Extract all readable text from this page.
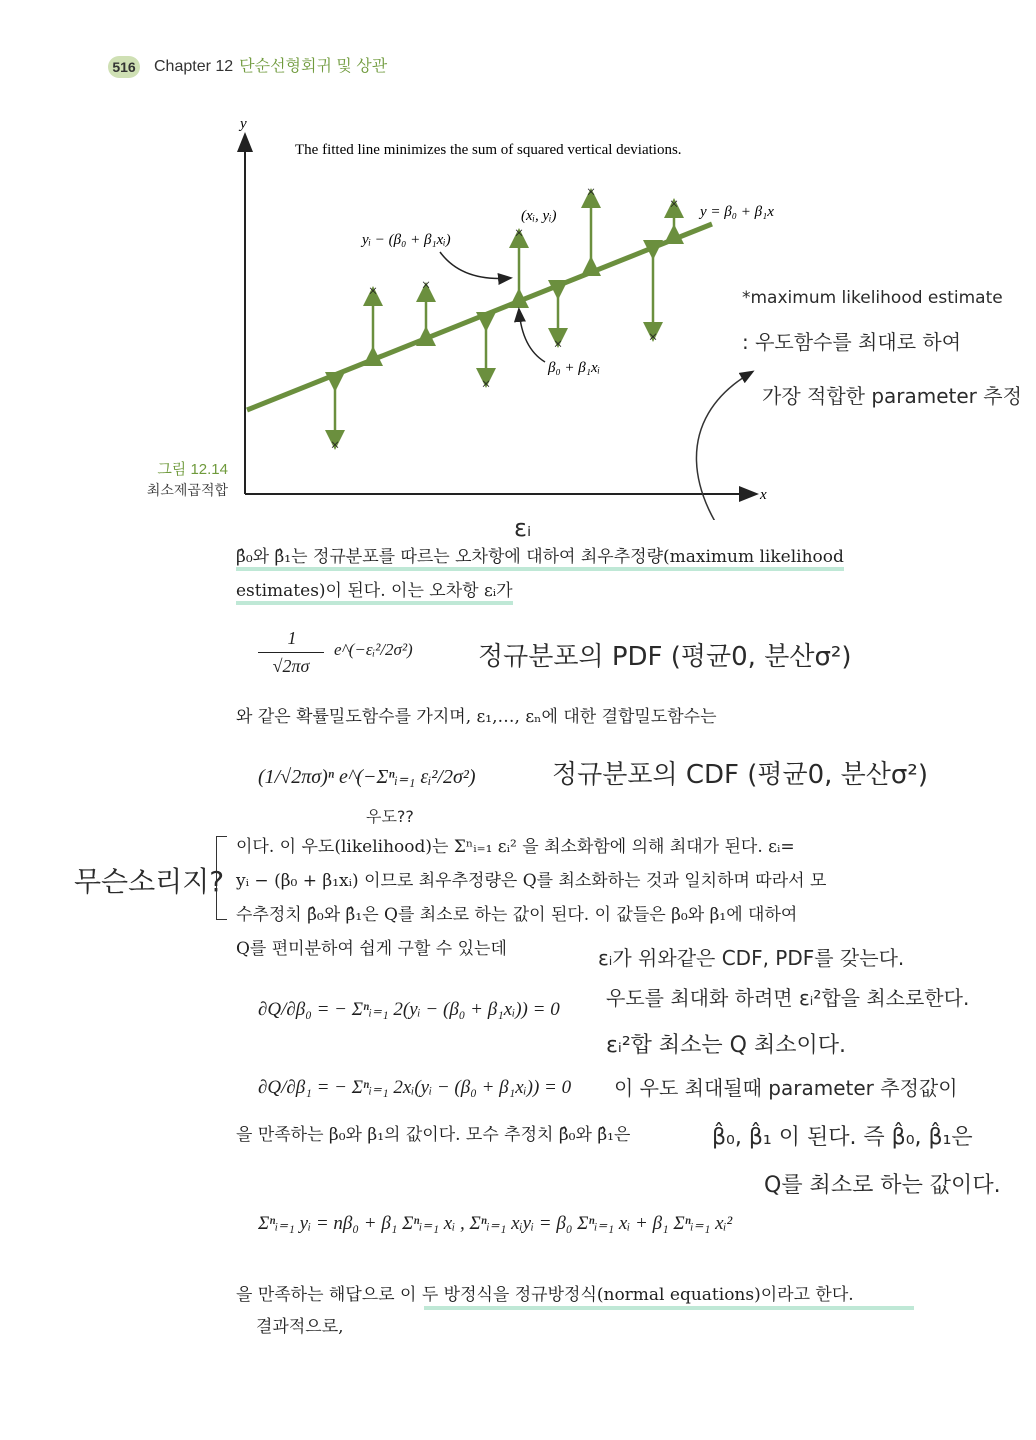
516 Chapter 12 단순선형회귀 및 상관
y
x
The fitted line minimizes the sum of squared vertical deviations.
×
×	×
×
×
×
×
×
×
(xᵢ, yᵢ)
yᵢ − (β₀ + β₁xᵢ)
y = β₀ + β₁x
β₀ + β₁xᵢ
그림 12.14
최소제곱적합
*maximum likelihood estimate
: 우도함수를 최대로 하여
가장 적합한 parameter 추정
εᵢ
β̂₀와 β̂₁는 정규분포를 따르는 오차항에 대하여 최우추정량(maximum likelihood
estimates)이 된다. 이는 오차항 εᵢ가
1
√2πσ
e^(−εᵢ²/2σ²)	정규분포의 PDF (평균0, 분산σ²)
와 같은 확률밀도함수를 가지며, ε₁,…, εₙ에 대한 결합밀도함수는
(1/√2πσ)ⁿ e^(−Σⁿᵢ₌₁ εᵢ²/2σ²)	정규분포의 CDF (평균0, 분산σ²)
우도??
무슨소리지?
이다. 이 우도(likelihood)는 Σⁿᵢ₌₁ εᵢ² 을 최소화함에 의해 최대가 된다. εᵢ=
yᵢ − (β₀ + β₁xᵢ) 이므로 최우추정량은 Q를 최소화하는 것과 일치하며 따라서 모
수추정치 β̂₀와 β̂₁은 Q를 최소로 하는 값이 된다. 이 값들은 β₀와 β₁에 대하여
Q를 편미분하여 쉽게 구할 수 있는데
∂Q/∂β₀ = − Σⁿᵢ₌₁ 2(yᵢ − (β₀ + β₁xᵢ)) = 0
∂Q/∂β₁ = − Σⁿᵢ₌₁ 2xᵢ(yᵢ − (β₀ + β₁xᵢ)) = 0
εᵢ가 위와같은 CDF, PDF를 갖는다.
우도를 최대화 하려면 εᵢ²합을 최소로한다.
εᵢ²합 최소는 Q 최소이다.
이 우도 최대될때 parameter 추정값이
β̂₀, β̂₁ 이 된다. 즉 β̂₀, β̂₁은
Q를 최소로 하는 값이다.
을 만족하는 β₀와 β₁의 값이다. 모수 추정치 β̂₀와 β̂₁은
Σⁿᵢ₌₁ yᵢ = nβ₀ + β₁ Σⁿᵢ₌₁ xᵢ , Σⁿᵢ₌₁ xᵢyᵢ = β₀ Σⁿᵢ₌₁ xᵢ + β₁ Σⁿᵢ₌₁ xᵢ²
을 만족하는 해답으로 이 두 방정식을 정규방정식(normal equations)이라고 한다.
결과적으로,
